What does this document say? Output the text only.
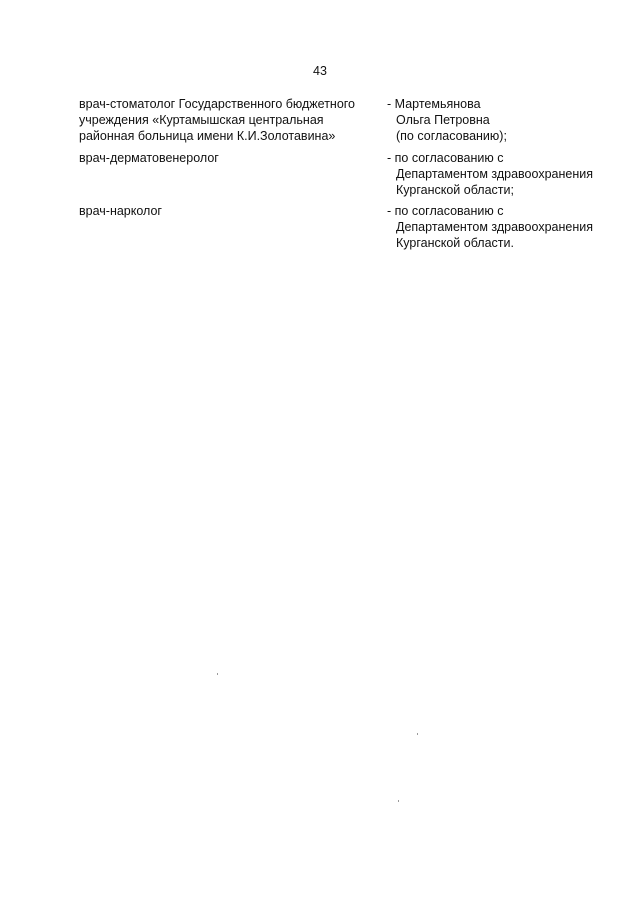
43
врач-стоматолог Государственного бюджетного
учреждения «Куртамышская центральная
районная больница имени К.И.Золотавина»
- Мартемьянова
Ольга Петровна
(по согласованию);
врач-дерматовенеролог	- по согласованию с
Департаментом здравоохранения
Курганской области;
врач-нарколог	- по согласованию с
Департаментом здравоохранения
Курганской области.
